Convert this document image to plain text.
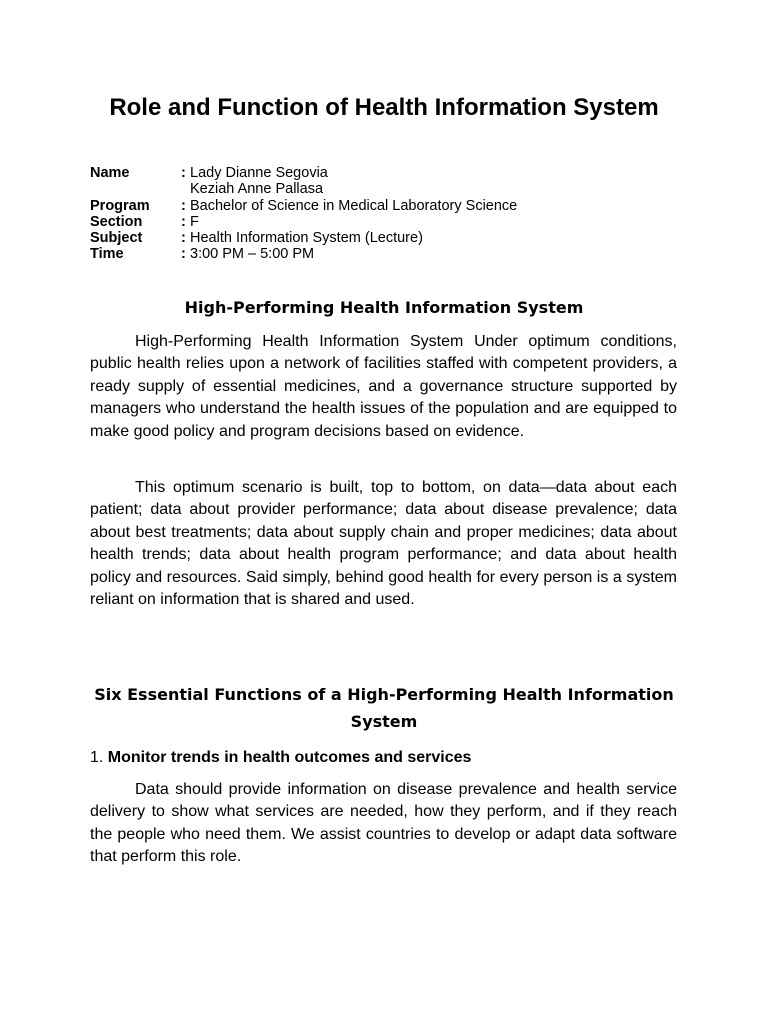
Role and Function of Health Information System
Name	: Lady Dianne Segovia
Keziah Anne Pallasa
Program	: Bachelor of Science in Medical Laboratory Science
Section	: F
Subject	: Health Information System (Lecture)
Time	: 3:00 PM – 5:00 PM
High-Performing Health Information System

High-Performing Health Information System Under optimum conditions, public health relies upon a network of facilities staffed with competent providers, a ready supply of essential medicines, and a governance structure supported by managers who understand the health issues of the population and are equipped to make good policy and program decisions based on evidence.

This optimum scenario is built, top to bottom, on data—data about each patient; data about provider performance; data about disease prevalence; data about best treatments; data about supply chain and proper medicines; data about health trends; data about health program performance; and data about health policy and resources. Said simply, behind good health for every person is a system reliant on information that is shared and used.

Six Essential Functions of a High-Performing Health Information System
1. Monitor trends in health outcomes and services

Data should provide information on disease prevalence and health service delivery to show what services are needed, how they perform, and if they reach the people who need them. We assist countries to develop or adapt data software that perform this role.
